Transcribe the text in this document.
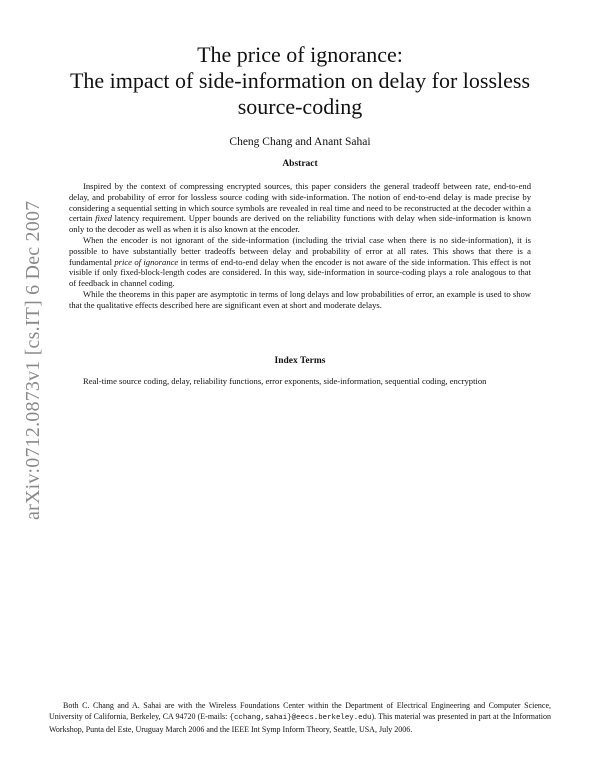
arXiv:0712.0873v1 [cs.IT] 6 Dec 2007
The price of ignorance:
The impact of side-information on delay for lossless
source-coding
Cheng Chang and Anant Sahai
Abstract

Inspired by the context of compressing encrypted sources, this paper considers the general tradeoff between rate, end-to-end delay, and probability of error for lossless source coding with side-information. The notion of end-to-end delay is made precise by considering a sequential setting in which source symbols are revealed in real time and need to be reconstructed at the decoder within a certain fixed latency requirement. Upper bounds are derived on the reliability functions with delay when side-information is known only to the decoder as well as when it is also known at the encoder.

When the encoder is not ignorant of the side-information (including the trivial case when there is no side-information), it is possible to have substantially better tradeoffs between delay and probability of error at all rates. This shows that there is a fundamental price of ignorance in terms of end-to-end delay when the encoder is not aware of the side information. This effect is not visible if only fixed-block-length codes are considered. In this way, side-information in source-coding plays a role analogous to that of feedback in channel coding.

While the theorems in this paper are asymptotic in terms of long delays and low probabilities of error, an example is used to show that the qualitative effects described here are significant even at short and moderate delays.

Index Terms

Real-time source coding, delay, reliability functions, error exponents, side-information, sequential coding, encryption

Both C. Chang and A. Sahai are with the Wireless Foundations Center within the Department of Electrical Engineering and Computer Science, University of California, Berkeley, CA 94720 (E-mails: {cchang,sahai}@eecs.berkeley.edu). This material was presented in part at the Information Workshop, Punta del Este, Uruguay March 2006 and the IEEE Int Symp Inform Theory, Seattle, USA, July 2006.
